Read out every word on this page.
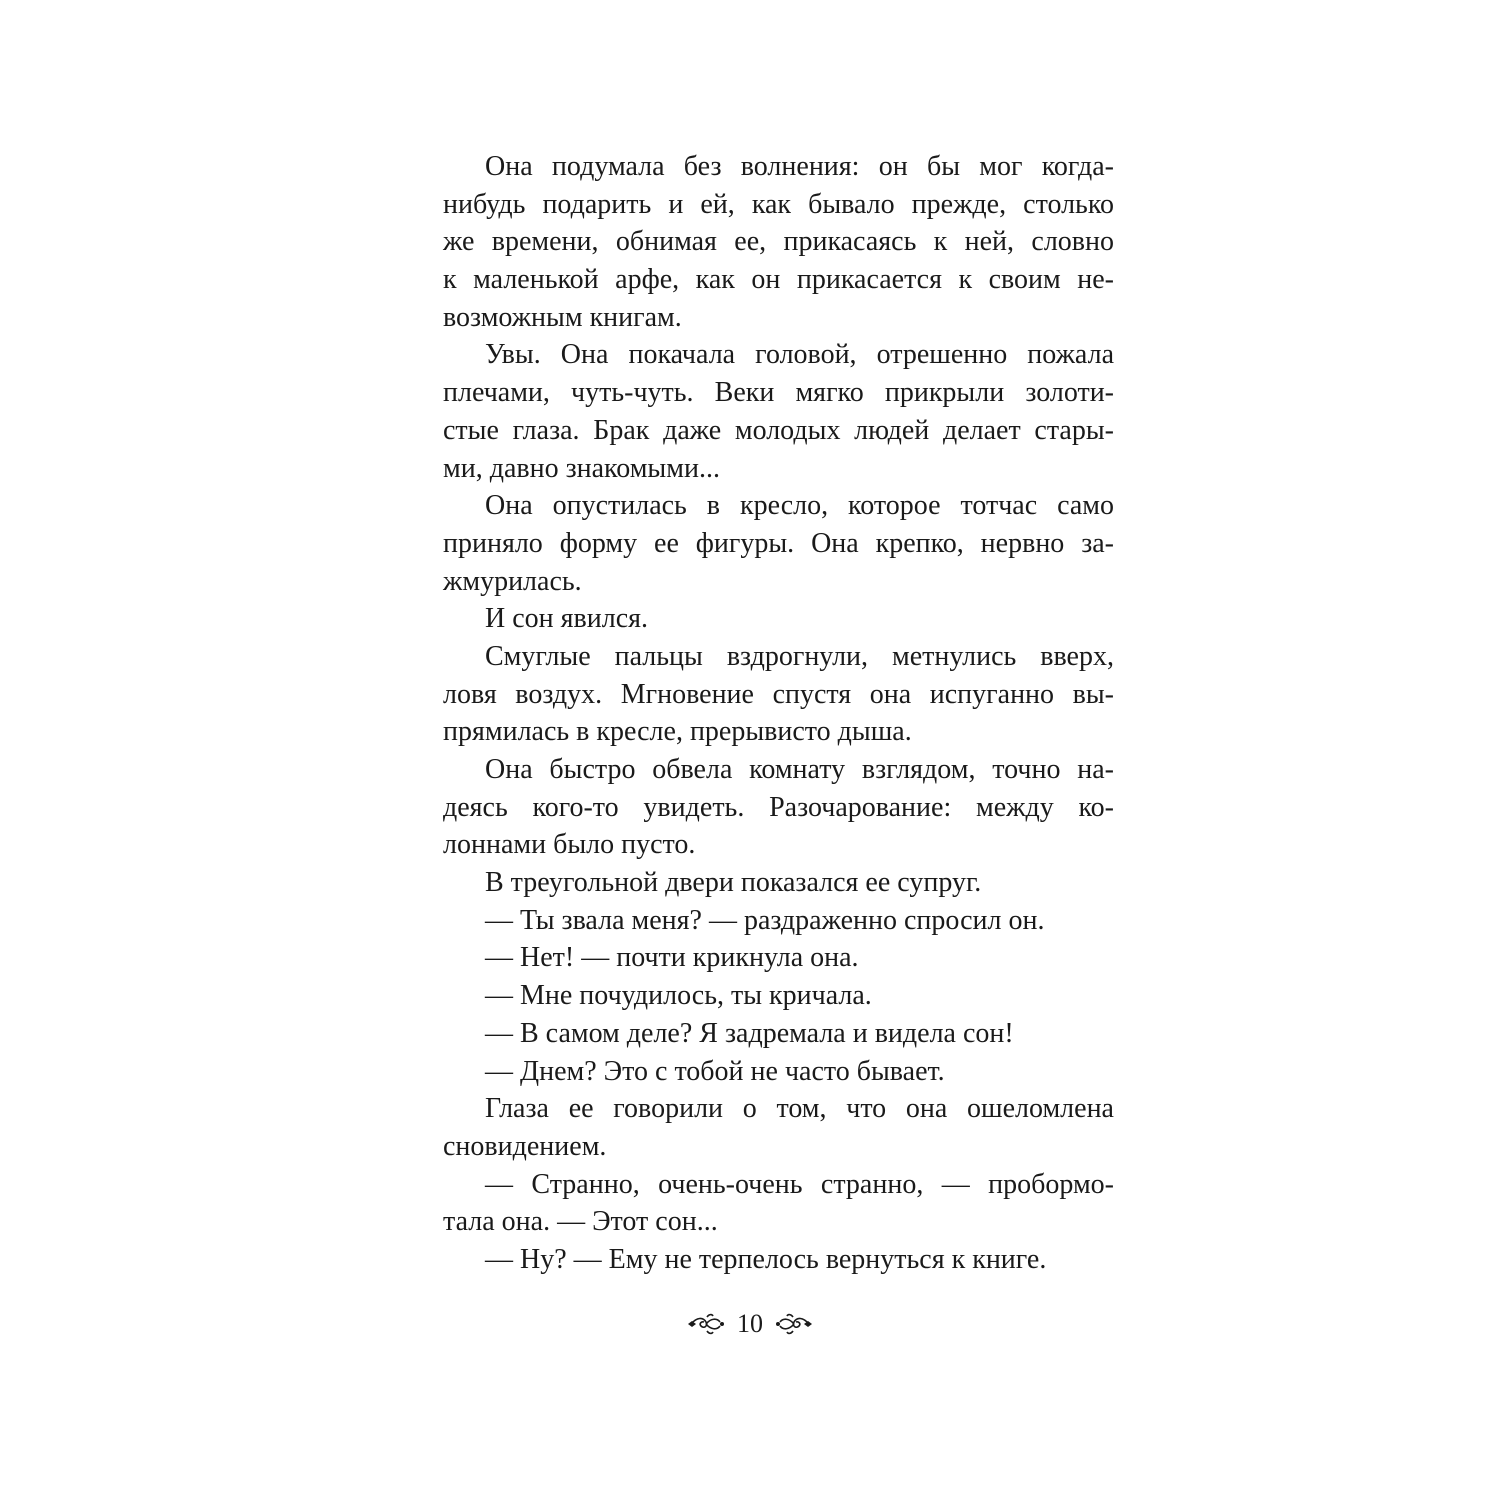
Она подумала без волнения: он бы мог когда-
нибудь подарить и ей, как бывало прежде, столько
же времени, обнимая ее, прикасаясь к ней, словно
к маленькой арфе, как он прикасается к своим не-
возможным книгам.
Увы. Она покачала головой, отрешенно пожала
плечами, чуть-чуть. Веки мягко прикрыли золоти-
стые глаза. Брак даже молодых людей делает стары-
ми, давно знакомыми...
Она опустилась в кресло, которое тотчас само
приняло форму ее фигуры. Она крепко, нервно за-
жмурилась.
И сон явился.
Смуглые пальцы вздрогнули, метнулись вверх,
ловя воздух. Мгновение спустя она испуганно вы-
прямилась в кресле, прерывисто дыша.
Она быстро обвела комнату взглядом, точно на-
деясь кого-то увидеть. Разочарование: между ко-
лоннами было пусто.
В треугольной двери показался ее супруг.
— Ты звала меня? — раздраженно спросил он.
— Нет! — почти крикнула она.
— Мне почудилось, ты кричала.
— В самом деле? Я задремала и видела сон!
— Днем? Это с тобой не часто бывает.
Глаза ее говорили о том, что она ошеломлена
сновидением.
— Странно, очень-очень странно, — пробормо-
тала она. — Этот сон...
— Ну? — Ему не терпелось вернуться к книге.
10
